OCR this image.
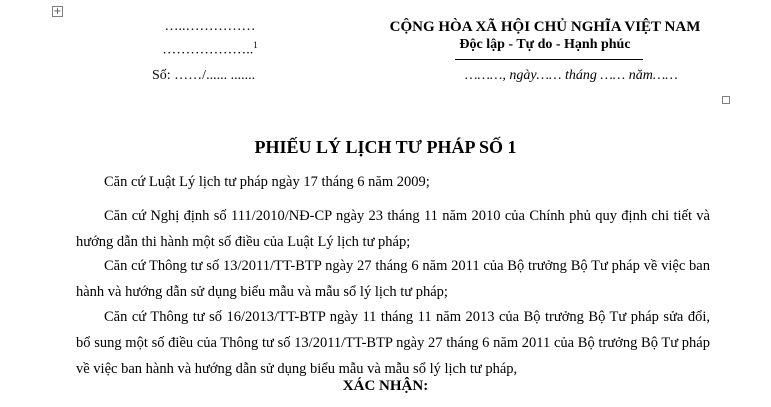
+
…..……………
………………..$^1$
CỘNG HÒA XÃ HỘI CHỦ NGHĨA VIỆT NAM
Độc lập - Tự do - Hạnh phúc
Số: ……/...... .......	………, ngày…… tháng …… năm……
PHIẾU LÝ LỊCH TƯ PHÁP SỐ 1
Căn cứ Luật Lý lịch tư pháp ngày 17 tháng 6 năm 2009;
Căn cứ Nghị định số 111/2010/NĐ-CP ngày 23 tháng 11 năm 2010 của Chính phủ quy định chi tiết và hướng dẫn thi hành một số điều của Luật Lý lịch tư pháp;
Căn cứ Thông tư số 13/2011/TT-BTP ngày 27 tháng 6 năm 2011 của Bộ trưởng Bộ Tư pháp về việc ban hành và hướng dẫn sử dụng biểu mẫu và mẫu sổ lý lịch tư pháp;
Căn cứ Thông tư số 16/2013/TT-BTP ngày 11 tháng 11 năm 2013 của Bộ trưởng Bộ Tư pháp sửa đổi, bổ sung một số điều của Thông tư số 13/2011/TT-BTP ngày 27 tháng 6 năm 2011 của Bộ trưởng Bộ Tư pháp về việc ban hành và hướng dẫn sử dụng biểu mẫu và mẫu sổ lý lịch tư pháp,
XÁC NHẬN:
